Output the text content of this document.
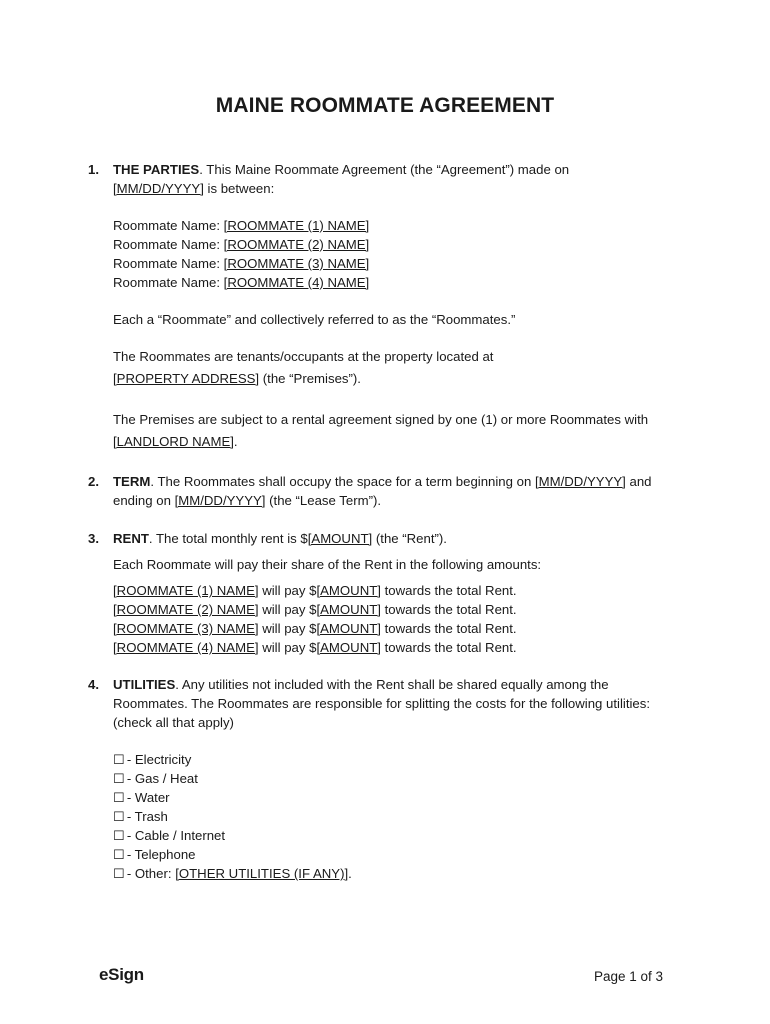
MAINE ROOMMATE AGREEMENT
1.	THE PARTIES. This Maine Roommate Agreement (the “Agreement”) made on

[MM/DD/YYYY] is between:

Roommate Name: [ROOMMATE (1) NAME]

Roommate Name: [ROOMMATE (2) NAME]

Roommate Name: [ROOMMATE (3) NAME]

Roommate Name: [ROOMMATE (4) NAME]

Each a “Roommate” and collectively referred to as the “Roommates.”

The Roommates are tenants/occupants at the property located at

[PROPERTY ADDRESS] (the “Premises”).

The Premises are subject to a rental agreement signed by one (1) or more Roommates with

[LANDLORD NAME].

2.	TERM. The Roommates shall occupy the space for a term beginning on [MM/DD/YYYY] and

ending on [MM/DD/YYYY] (the “Lease Term”).

3.	RENT. The total monthly rent is $[AMOUNT] (the “Rent”).

Each Roommate will pay their share of the Rent in the following amounts:

[ROOMMATE (1) NAME] will pay $[AMOUNT] towards the total Rent.

[ROOMMATE (2) NAME] will pay $[AMOUNT] towards the total Rent.

[ROOMMATE (3) NAME] will pay $[AMOUNT] towards the total Rent.

[ROOMMATE (4) NAME] will pay $[AMOUNT] towards the total Rent.

4.	UTILITIES. Any utilities not included with the Rent shall be shared equally among the

Roommates. The Roommates are responsible for splitting the costs for the following utilities:

(check all that apply)

☐ - Electricity

☐ - Gas / Heat

☐ - Water

☐ - Trash

☐ - Cable / Internet

☐ - Telephone

☐ - Other: [OTHER UTILITIES (IF ANY)].

eSign	Page 1 of 3
